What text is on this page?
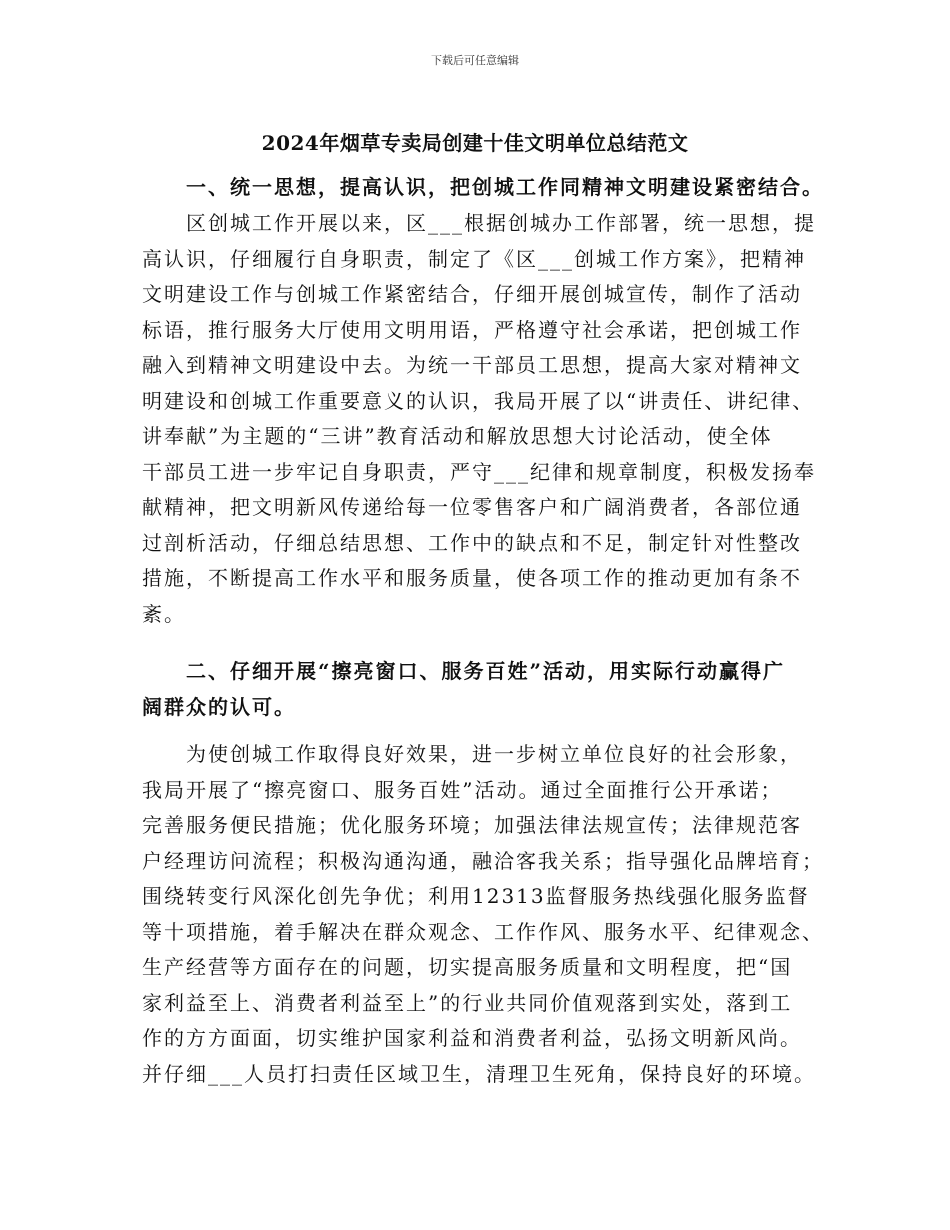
下载后可任意编辑
2024年烟草专卖局创建十佳文明单位总结范文
一、统一思想，提高认识，把创城工作同精神文明建设紧密结合。
区创城工作开展以来，区___根据创城办工作部署，统一思想，提
高认识，仔细履行自身职责，制定了《区___创城工作方案》，把精神
文明建设工作与创城工作紧密结合，仔细开展创城宣传，制作了活动
标语，推行服务大厅使用文明用语，严格遵守社会承诺，把创城工作
融入到精神文明建设中去。为统一干部员工思想，提高大家对精神文
明建设和创城工作重要意义的认识，我局开展了以“讲责任、讲纪律、
讲奉献”为主题的“三讲”教育活动和解放思想大讨论活动，使全体
干部员工进一步牢记自身职责，严守___纪律和规章制度，积极发扬奉
献精神，把文明新风传递给每一位零售客户和广阔消费者，各部位通
过剖析活动，仔细总结思想、工作中的缺点和不足，制定针对性整改
措施，不断提高工作水平和服务质量，使各项工作的推动更加有条不
紊。
二、仔细开展“擦亮窗口、服务百姓”活动，用实际行动赢得广
阔群众的认可。
为使创城工作取得良好效果，进一步树立单位良好的社会形象，
我局开展了“擦亮窗口、服务百姓”活动。通过全面推行公开承诺；
完善服务便民措施；优化服务环境；加强法律法规宣传；法律规范客
户经理访问流程；积极沟通沟通，融洽客我关系；指导强化品牌培育；
围绕转变行风深化创先争优；利用12313监督服务热线强化服务监督
等十项措施，着手解决在群众观念、工作作风、服务水平、纪律观念、
生产经营等方面存在的问题，切实提高服务质量和文明程度，把“国
家利益至上、消费者利益至上”的行业共同价值观落到实处，落到工
作的方方面面，切实维护国家利益和消费者利益，弘扬文明新风尚。
并仔细___人员打扫责任区域卫生，清理卫生死角，保持良好的环境。
